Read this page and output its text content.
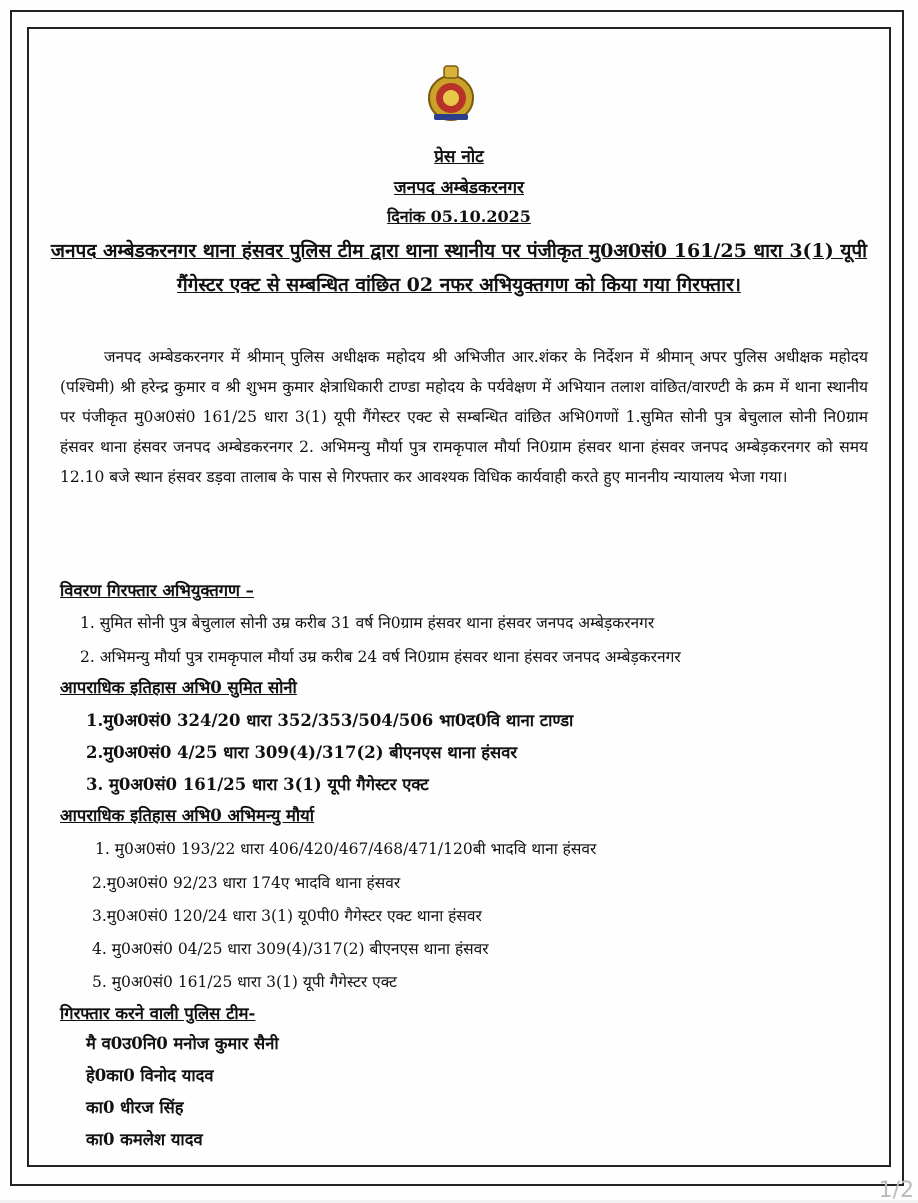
प्रेस नोट
जनपद अम्बेडकरनगर
दिनांक 05.10.2025
जनपद अम्बेडकरनगर थाना हंसवर पुलिस टीम द्वारा थाना स्थानीय पर पंजीकृत मु0अ0सं0 161/25 धारा 3(1) यूपी गैंगेस्टर एक्ट से सम्बन्धित वांछित 02 नफर अभियुक्तगण को किया गया गिरफ्तार।
जनपद अम्बेडकरनगर में श्रीमान् पुलिस अधीक्षक महोदय श्री अभिजीत आर.शंकर के निर्देशन में श्रीमान् अपर पुलिस अधीक्षक महोदय (पश्चिमी) श्री हरेन्द्र कुमार व श्री शुभम कुमार क्षेत्राधिकारी टाण्डा महोदय के पर्यवेक्षण में अभियान तलाश वांछित/वारण्टी के क्रम में थाना स्थानीय पर पंजीकृत मु0अ0सं0 161/25 धारा 3(1) यूपी गैंगेस्टर एक्ट से सम्बन्धित वांछित अभि0गणों 1.सुमित सोनी पुत्र बेचुलाल सोनी नि0ग्राम हंसवर थाना हंसवर जनपद अम्बेडकरनगर 2. अभिमन्यु मौर्या पुत्र रामकृपाल मौर्या नि0ग्राम हंसवर थाना हंसवर जनपद अम्बेड़करनगर को समय 12.10 बजे स्थान हंसवर डड़वा तालाब के पास से गिरफ्तार कर आवश्यक विधिक कार्यवाही करते हुए माननीय न्यायालय भेजा गया।
विवरण गिरफ्तार अभियुक्तगण –
1. सुमित सोनी पुत्र बेचुलाल सोनी उम्र करीब 31 वर्ष नि0ग्राम हंसवर थाना हंसवर जनपद अम्बेड़करनगर
2. अभिमन्यु मौर्या पुत्र रामकृपाल मौर्या उम्र करीब 24 वर्ष नि0ग्राम हंसवर थाना हंसवर जनपद अम्बेड़करनगर
आपराधिक इतिहास अभि0 सुमित सोनी
1.मु0अ0सं0 324/20 धारा 352/353/504/506 भा0द0वि थाना टाण्डा
2.मु0अ0सं0 4/25 धारा 309(4)/317(2) बीएनएस थाना हंसवर
3. मु0अ0सं0 161/25 धारा 3(1) यूपी गैगेस्टर एक्ट
आपराधिक इतिहास अभि0 अभिमन्यु मौर्या
1. मु0अ0सं0 193/22 धारा 406/420/467/468/471/120बी भादवि थाना हंसवर
2.मु0अ0सं0 92/23 धारा 174ए भादवि थाना हंसवर
3.मु0अ0सं0 120/24 धारा 3(1) यू0पी0 गैगेस्टर एक्ट थाना हंसवर
4. मु0अ0सं0 04/25 धारा 309(4)/317(2) बीएनएस थाना हंसवर
5. मु0अ0सं0 161/25 धारा 3(1) यूपी गैगेस्टर एक्ट
गिरफ्तार करने वाली पुलिस टीम-
मै व0उ0नि0 मनोज कुमार सैनी
हे0का0 विनोद यादव
का0 धीरज सिंह
का0 कमलेश यादव
1/2
